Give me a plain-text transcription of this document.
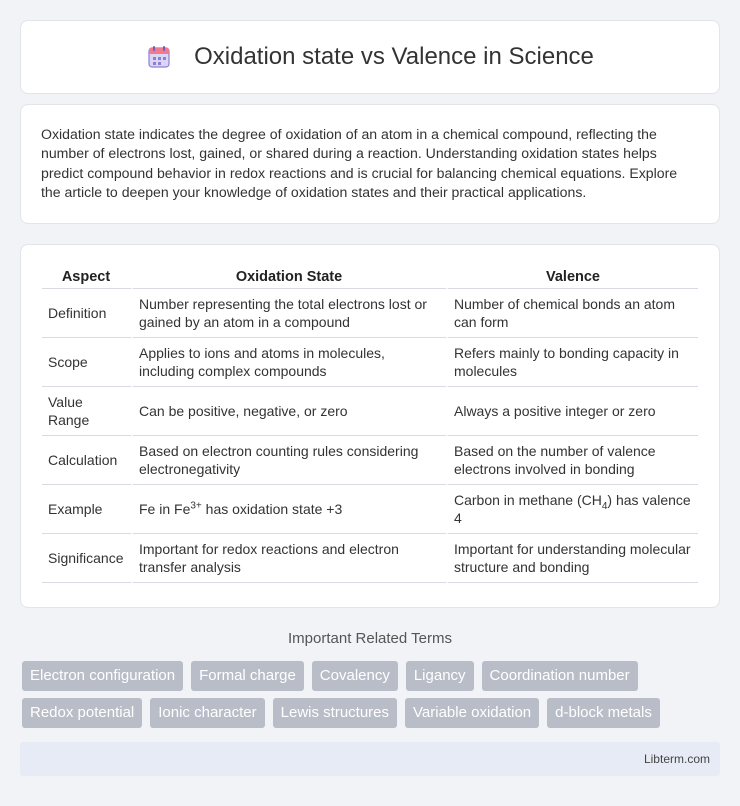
Oxidation state vs Valence in Science

Oxidation state indicates the degree of oxidation of an atom in a chemical compound, reflecting the number of electrons lost, gained, or shared during a reaction. Understanding oxidation states helps predict compound behavior in redox reactions and is crucial for balancing chemical equations. Explore the article to deepen your knowledge of oxidation states and their practical applications.

Aspect	Oxidation State	Valence
Definition	Number representing the total electrons lost or gained by an atom in a compound	Number of chemical bonds an atom can form
Scope	Applies to ions and atoms in molecules, including complex compounds	Refers mainly to bonding capacity in molecules
Value Range	Can be positive, negative, or zero	Always a positive integer or zero
Calculation	Based on electron counting rules considering electronegativity	Based on the number of valence electrons involved in bonding
Example	Fe in $Fe^{3+}$ has oxidation state +3	Carbon in methane $(CH_4)$ has valence 4
Significance	Important for redox reactions and electron transfer analysis	Important for understanding molecular structure and bonding
Important Related Terms
Electron configuration	Formal charge	Covalency	Ligancy	Coordination number
Redox potential	Ionic character	Lewis structures	Variable oxidation	d-block metals
Libterm.com
